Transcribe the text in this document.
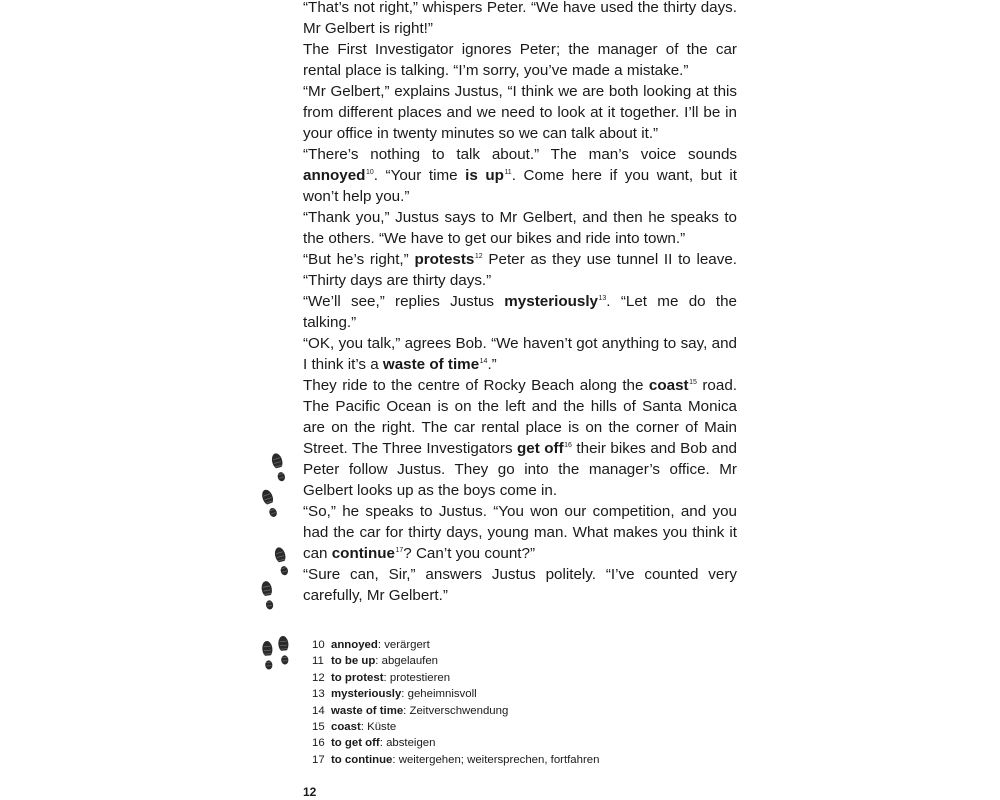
“That’s not right,” whispers Peter. “We have used the thirty days. Mr Gelbert is right!”

The First Investigator ignores Peter; the manager of the car rental place is talking. “I’m sorry, you’ve made a mistake.”

“Mr Gelbert,” explains Justus, “I think we are both looking at this from different places and we need to look at it together. I’ll be in your office in twenty minutes so we can talk about it.”

“There’s nothing to talk about.” The man’s voice sounds annoyed$^{10}$. “Your time is up$^{11}$. Come here if you want, but it won’t help you.”

“Thank you,” Justus says to Mr Gelbert, and then he speaks to the others. “We have to get our bikes and ride into town.”

“But he’s right,” protests$^{12}$ Peter as they use tunnel II to leave. “Thirty days are thirty days.”

“We’ll see,” replies Justus mysteriously$^{13}$. “Let me do the talking.”

“OK, you talk,” agrees Bob. “We haven’t got anything to say, and I think it’s a waste of time$^{14}$.”

They ride to the centre of Rocky Beach along the coast$^{15}$ road. The Pacific Ocean is on the left and the hills of Santa Monica are on the right. The car rental place is on the corner of Main Street. The Three Investigators get off$^{16}$ their bikes and Bob and Peter follow Justus. They go into the manager’s office. Mr Gelbert looks up as the boys come in.

“So,” he speaks to Justus. “You won our competition, and you had the car for thirty days, young man. What makes you think it can continue$^{17}$? Can’t you count?”

“Sure can, Sir,” answers Justus politely. “I’ve counted very carefully, Mr Gelbert.”

10 annoyed: verärgert
11 to be up: abgelaufen
12 to protest: protestieren
13 mysteriously: geheimnisvoll
14 waste of time: Zeitverschwendung
15 coast: Küste
16 to get off: absteigen
17 to continue: weitergehen; weitersprechen, fortfahren
12
